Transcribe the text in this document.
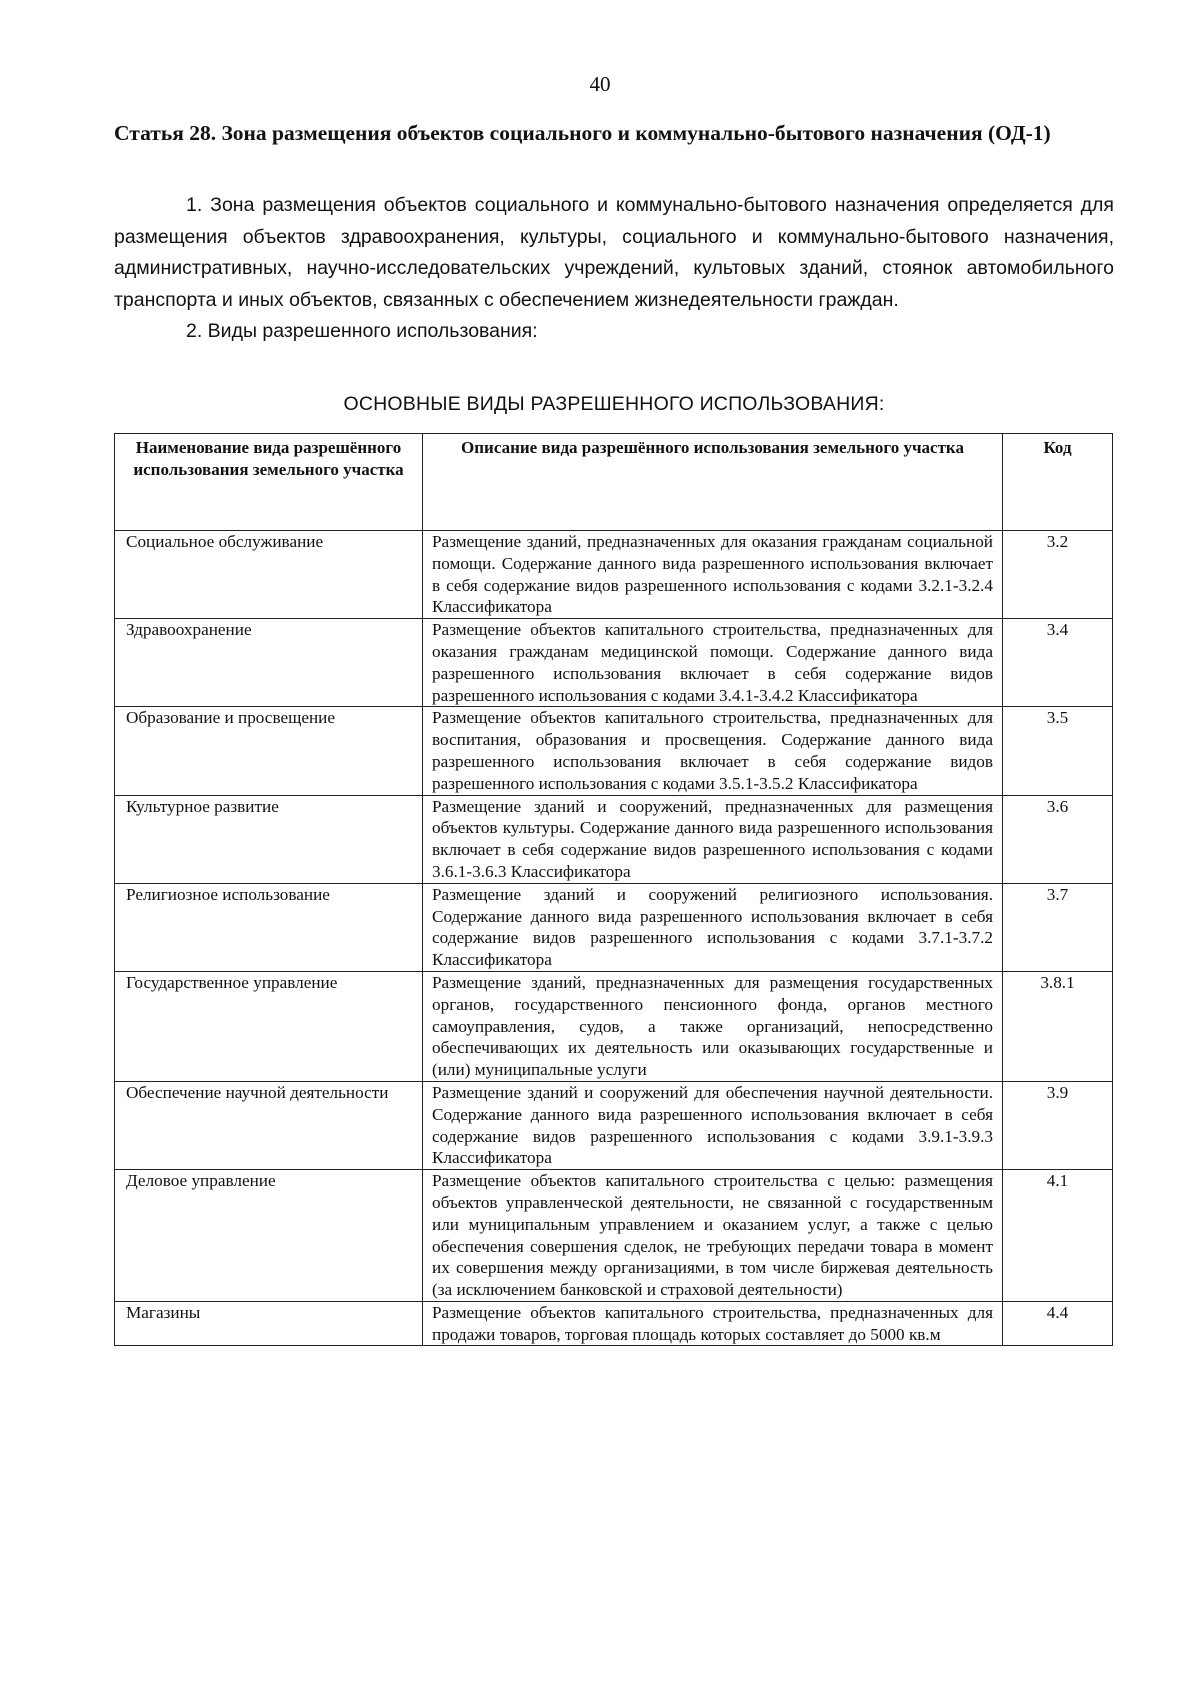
40
Статья 28. Зона размещения объектов социального и коммунально-бытового назначения (ОД-1)

1. Зона размещения объектов социального и коммунально-бытового назначения определяется для размещения объектов здравоохранения, культуры, социального и коммунально-бытового назначения, административных, научно-исследовательских учреждений, культовых зданий, стоянок автомобильного транспорта и иных объектов, связанных с обеспечением жизнедеятельности граждан.

2. Виды разрешенного использования:

ОСНОВНЫЕ ВИДЫ РАЗРЕШЕННОГО ИСПОЛЬЗОВАНИЯ:
Наименование вида разрешённого использования земельного участка	Описание вида разрешённого использования земельного участка	Код
Социальное обслуживание	Размещение зданий, предназначенных для оказания гражданам социальной помощи. Содержание данного вида разрешенного использования включает в себя содержание видов разрешенного использования с кодами 3.2.1-3.2.4 Классификатора	3.2
Здравоохранение	Размещение объектов капитального строительства, предназначенных для оказания гражданам медицинской помощи. Содержание данного вида разрешенного использования включает в себя содержание видов разрешенного использования с кодами 3.4.1-3.4.2 Классификатора	3.4
Образование и просвещение	Размещение объектов капитального строительства, предназначенных для воспитания, образования и просвещения. Содержание данного вида разрешенного использования включает в себя содержание видов разрешенного использования с кодами 3.5.1-3.5.2 Классификатора	3.5
Культурное развитие	Размещение зданий и сооружений, предназначенных для размещения объектов культуры. Содержание данного вида разрешенного использования включает в себя содержание видов разрешенного использования с кодами 3.6.1-3.6.3 Классификатора	3.6
Религиозное использование	Размещение зданий и сооружений религиозного использования. Содержание данного вида разрешенного использования включает в себя содержание видов разрешенного использования с кодами 3.7.1-3.7.2 Классификатора	3.7
Государственное управление	Размещение зданий, предназначенных для размещения государственных органов, государственного пенсионного фонда, органов местного самоуправления, судов, а также организаций, непосредственно обеспечивающих их деятельность или оказывающих государственные и (или) муниципальные услуги	3.8.1
Обеспечение научной деятельности	Размещение зданий и сооружений для обеспечения научной деятельности. Содержание данного вида разрешенного использования включает в себя содержание видов разрешенного использования с кодами 3.9.1-3.9.3 Классификатора	3.9
Деловое управление	Размещение объектов капитального строительства с целью: размещения объектов управленческой деятельности, не связанной с государственным или муниципальным управлением и оказанием услуг, а также с целью обеспечения совершения сделок, не требующих передачи товара в момент их совершения между организациями, в том числе биржевая деятельность (за исключением банковской и страховой деятельности)	4.1
Магазины	Размещение объектов капитального строительства, предназначенных для продажи товаров, торговая площадь которых составляет до 5000 кв.м	4.4
